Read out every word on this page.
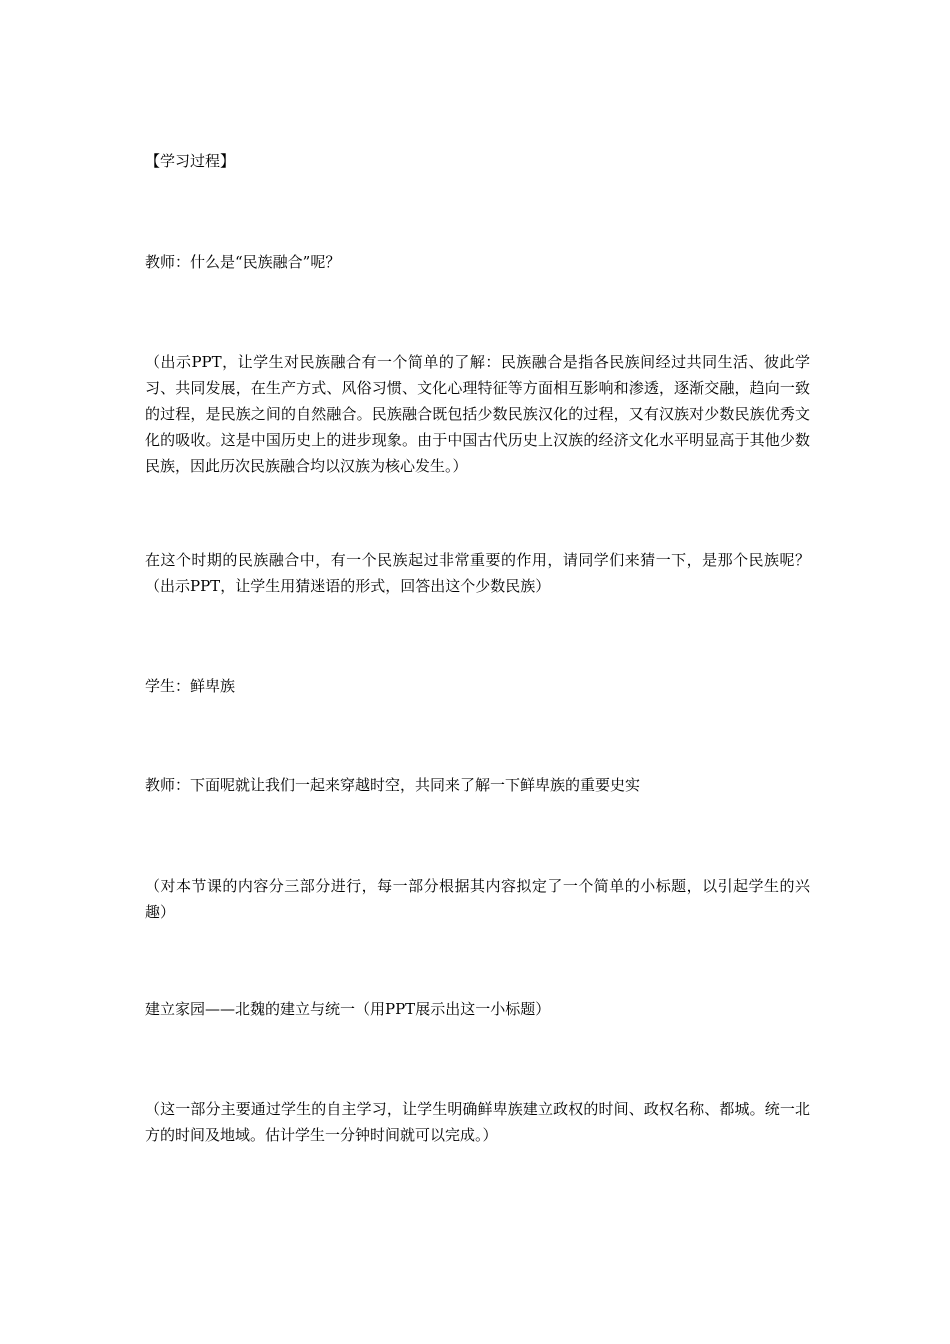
【学习过程】

教师：什么是“民族融合”呢？

（出示PPT，让学生对民族融合有一个简单的了解：民族融合是指各民族间经过共同生活、彼此学习、共同发展，在生产方式、风俗习惯、文化心理特征等方面相互影响和渗透，逐渐交融，趋向一致的过程，是民族之间的自然融合。民族融合既包括少数民族汉化的过程，又有汉族对少数民族优秀文化的吸收。这是中国历史上的进步现象。由于中国古代历史上汉族的经济文化水平明显高于其他少数民族，因此历次民族融合均以汉族为核心发生。）

在这个时期的民族融合中，有一个民族起过非常重要的作用，请同学们来猜一下，是那个民族呢？（出示PPT，让学生用猜迷语的形式，回答出这个少数民族）

学生：鲜卑族

教师：下面呢就让我们一起来穿越时空，共同来了解一下鲜卑族的重要史实

（对本节课的内容分三部分进行，每一部分根据其内容拟定了一个简单的小标题，以引起学生的兴趣）

建立家园——北魏的建立与统一（用PPT展示出这一小标题）

（这一部分主要通过学生的自主学习，让学生明确鲜卑族建立政权的时间、政权名称、都城。统一北方的时间及地域。估计学生一分钟时间就可以完成。）
